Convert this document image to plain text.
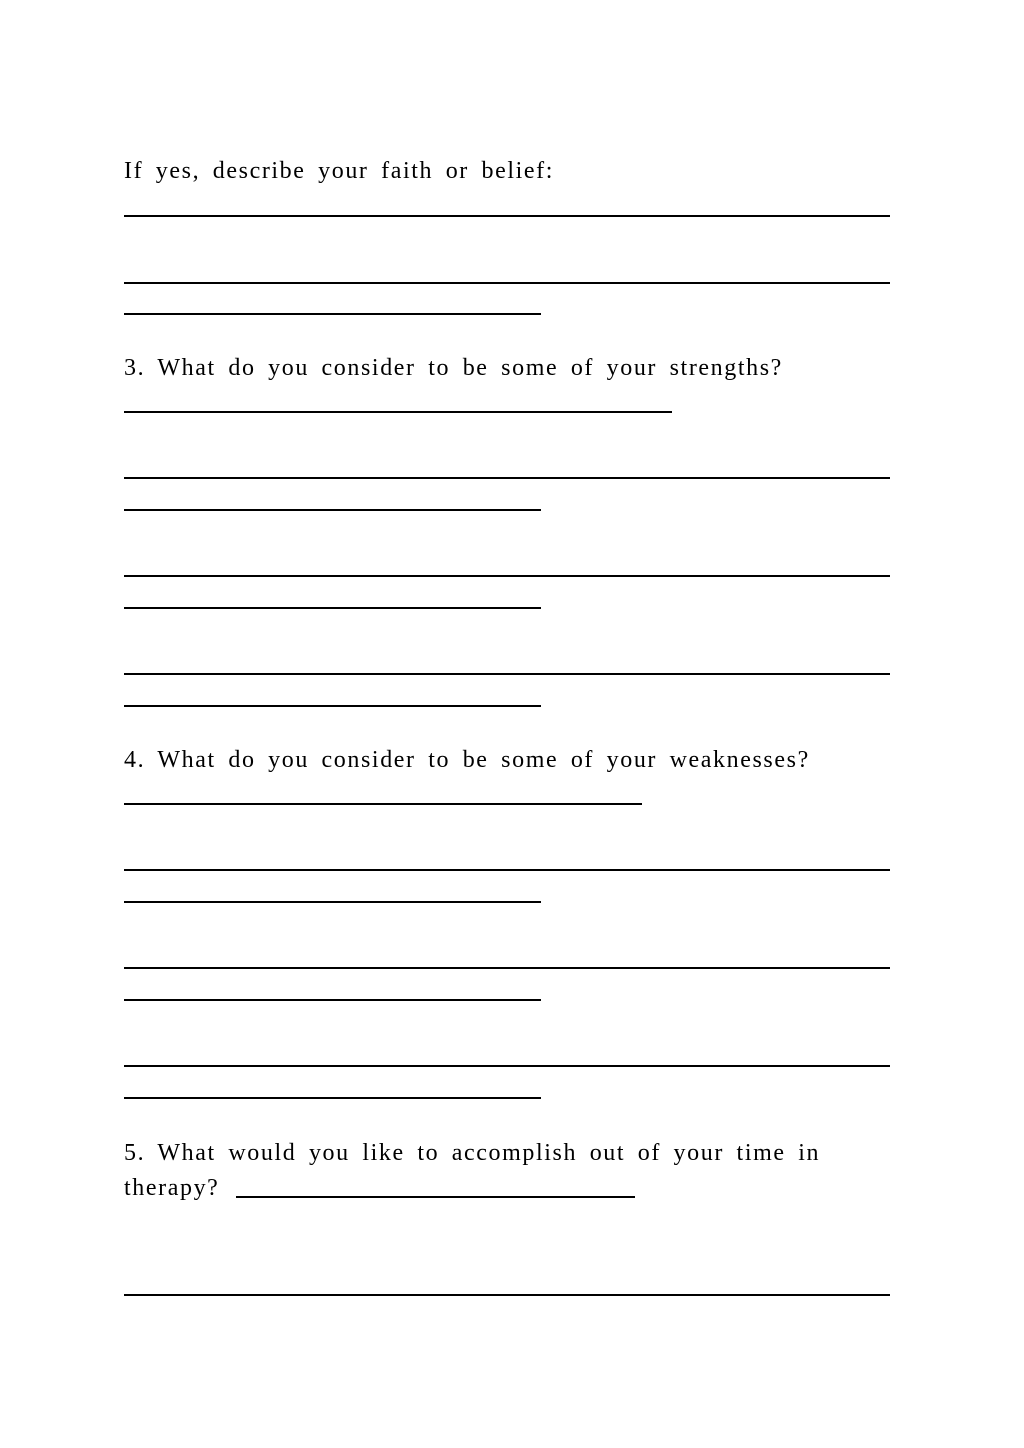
If yes, describe your faith or belief:
3. What do you consider to be some of your strengths?
4. What do you consider to be some of your weaknesses?
5. What would you like to accomplish out of your time in
therapy?
